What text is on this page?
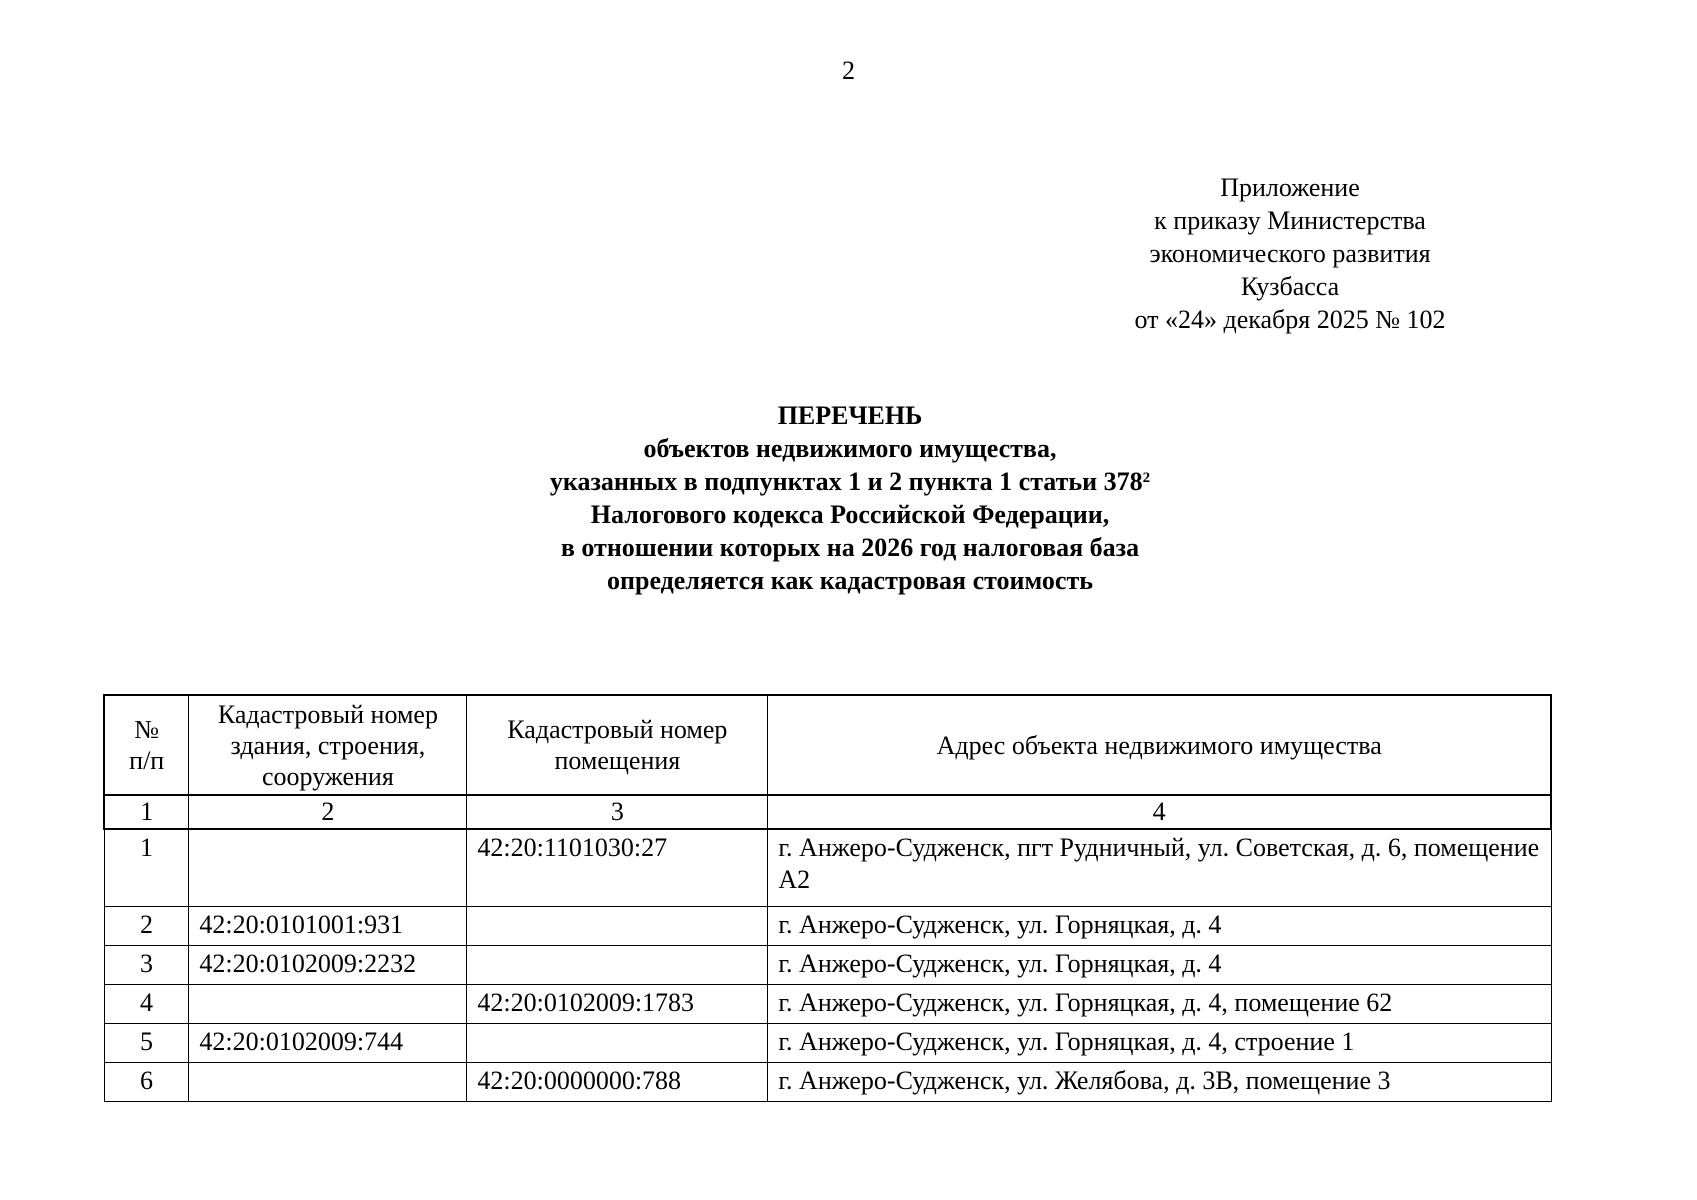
2
Приложение
к приказу Министерства
экономического развития
Кузбасса
от «24» декабря 2025 № 102
ПЕРЕЧЕНЬ
объектов недвижимого имущества,
указанных в подпунктах 1 и 2 пункта 1 статьи $378^2$
Налогового кодекса Российской Федерации,
в отношении которых на 2026 год налоговая база
определяется как кадастровая стоимость
№ п/п	Кадастровый номер здания, строения, сооружения	Кадастровый номер помещения	Адрес объекта недвижимого имущества
1	2	3	4
1		42:20:1101030:27	г. Анжеро-Судженск, пгт Рудничный, ул. Советская, д. 6, помещение А2
2	42:20:0101001:931		г. Анжеро-Судженск, ул. Горняцкая, д. 4
3	42:20:0102009:2232		г. Анжеро-Судженск, ул. Горняцкая, д. 4
4		42:20:0102009:1783	г. Анжеро-Судженск, ул. Горняцкая, д. 4, помещение 62
5	42:20:0102009:744		г. Анжеро-Судженск, ул. Горняцкая, д. 4, строение 1
6		42:20:0000000:788	г. Анжеро-Судженск, ул. Желябова, д. 3В, помещение 3
